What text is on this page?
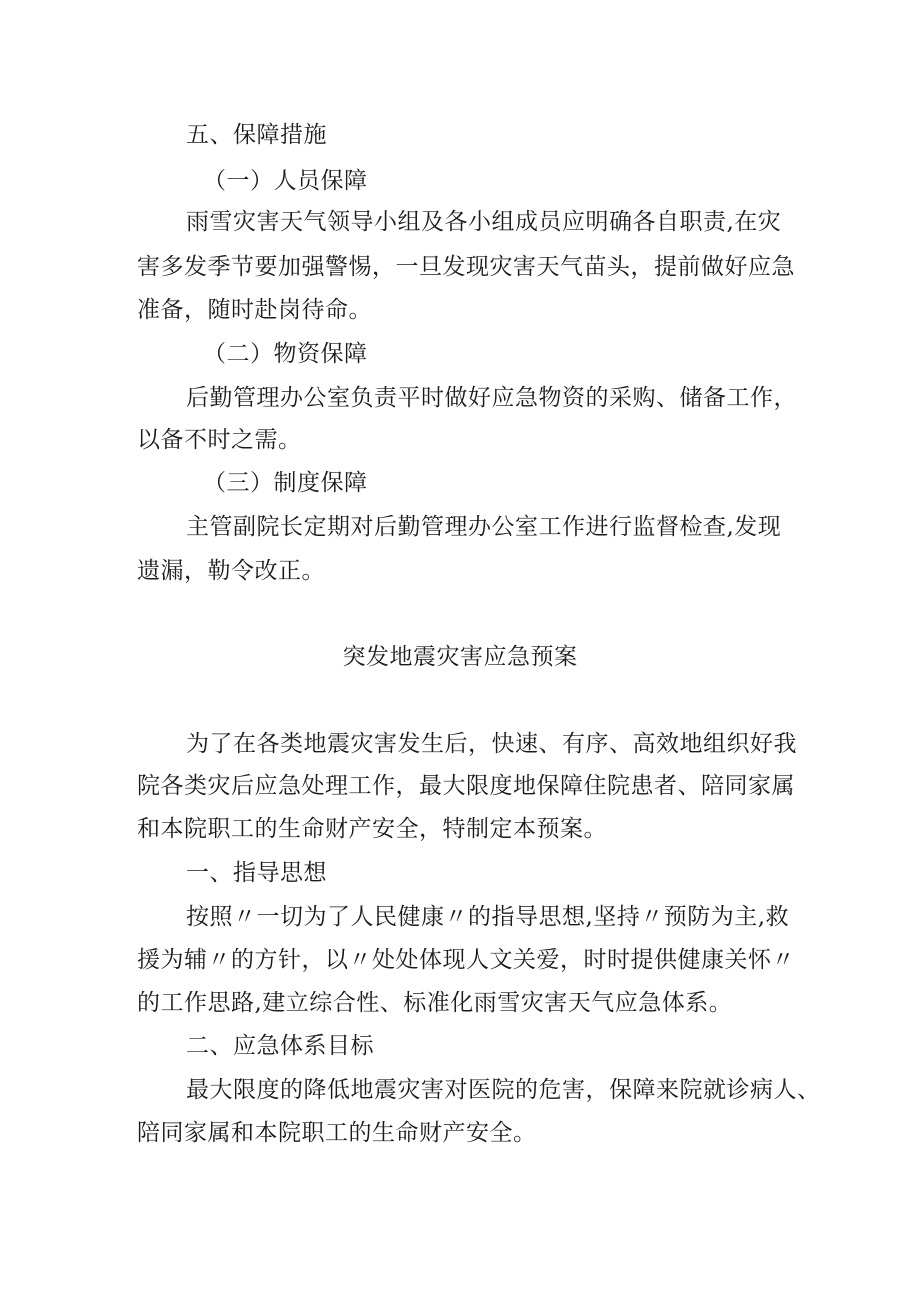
五、保障措施
（一）人员保障
雨雪灾害天气领导小组及各小组成员应明确各自职责,在灾
害多发季节要加强警惕，一旦发现灾害天气苗头，提前做好应急
准备，随时赴岗待命。
（二）物资保障
后勤管理办公室负责平时做好应急物资的采购、储备工作，
以备不时之需。
（三）制度保障
主管副院长定期对后勤管理办公室工作进行监督检查,发现
遗漏，勒令改正。
突发地震灾害应急预案
为了在各类地震灾害发生后，快速、有序、高效地组织好我
院各类灾后应急处理工作，最大限度地保障住院患者、陪同家属
和本院职工的生命财产安全，特制定本预案。
一、指导思想
按照〃一切为了人民健康〃的指导思想,坚持〃预防为主,救
援为辅〃的方针，以〃处处体现人文关爱，时时提供健康关怀〃
的工作思路,建立综合性、标准化雨雪灾害天气应急体系。
二、应急体系目标
最大限度的降低地震灾害对医院的危害，保障来院就诊病人、
陪同家属和本院职工的生命财产安全。
